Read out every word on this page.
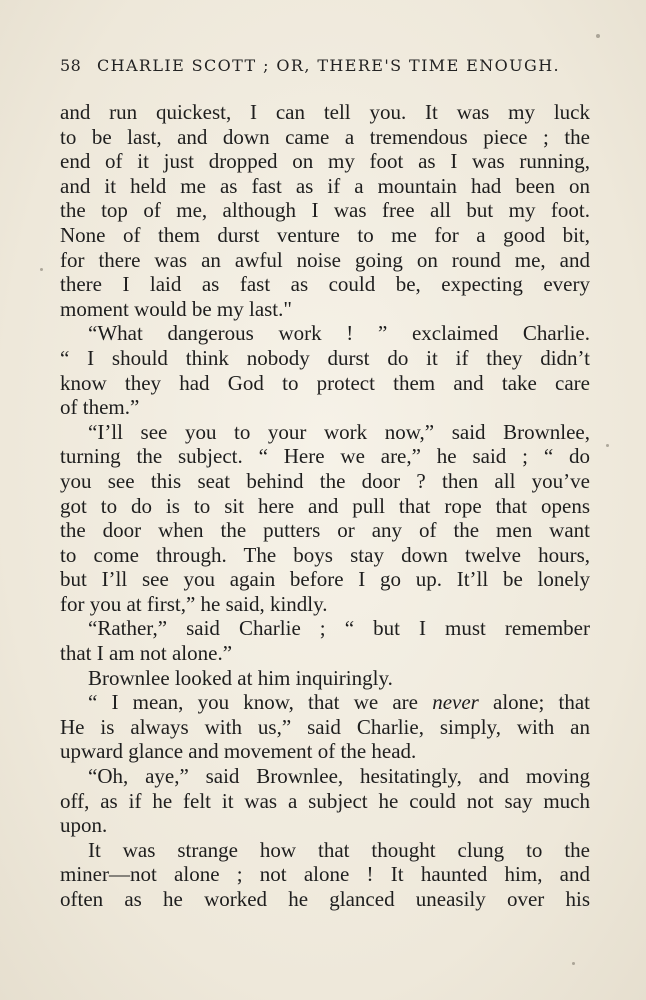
58 CHARLIE SCOTT ; OR, THERE'S TIME ENOUGH.
and run quickest, I can tell you. It was my luck
to be last, and down came a tremendous piece ; the
end of it just dropped on my foot as I was running,
and it held me as fast as if a mountain had been on
the top of me, although I was free all but my foot.
None of them durst venture to me for a good bit,
for there was an awful noise going on round me, and
there I laid as fast as could be, expecting every
moment would be my last."
“What dangerous work ! ” exclaimed Charlie.
“ I should think nobody durst do it if they didn’t
know they had God to protect them and take care
of them.”
“I’ll see you to your work now,” said Brownlee,
turning the subject. “ Here we are,” he said ; “ do
you see this seat behind the door ? then all you’ve
got to do is to sit here and pull that rope that opens
the door when the putters or any of the men want
to come through. The boys stay down twelve hours,
but I’ll see you again before I go up. It’ll be lonely
for you at first,” he said, kindly.
“Rather,” said Charlie ; “ but I must remember
that I am not alone.”
Brownlee looked at him inquiringly.
“ I mean, you know, that we are never alone; that
He is always with us,” said Charlie, simply, with an
upward glance and movement of the head.
“Oh, aye,” said Brownlee, hesitatingly, and moving
off, as if he felt it was a subject he could not say much
upon.
It was strange how that thought clung to the
miner—not alone ; not alone ! It haunted him, and
often as he worked he glanced uneasily over his
